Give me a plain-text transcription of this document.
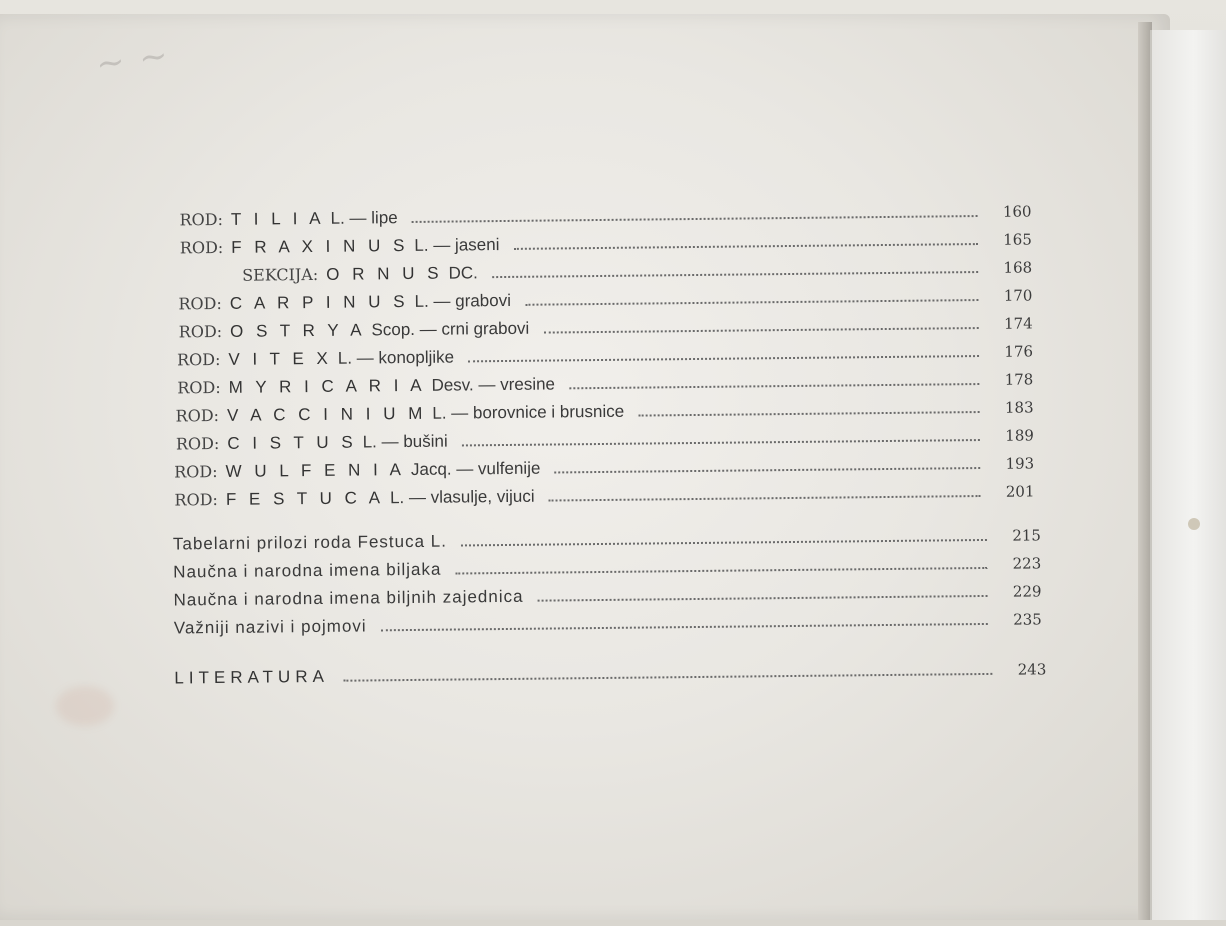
~ ~
ROD: T I L I A L. — lipe	160
ROD: F R A X I N U S L. — jaseni	165
SEKCIJA: O R N U S DC.	168
ROD: C A R P I N U S L. — grabovi	170
ROD: O S T R Y A Scop. — crni grabovi	174
ROD: V I T E X L. — konopljike	176
ROD: M Y R I C A R I A Desv. — vresine	178
ROD: V A C C I N I U M L. — borovnice i brusnice	183
ROD: C I S T U S L. — bušini	189
ROD: W U L F E N I A Jacq. — vulfenije	193
ROD: F E S T U C A L. — vlasulje, vijuci	201
Tabelarni prilozi roda Festuca L.	215
Naučna i narodna imena biljaka	223
Naučna i narodna imena biljnih zajednica	229
Važniji nazivi i pojmovi	235
LITERATURA	243
